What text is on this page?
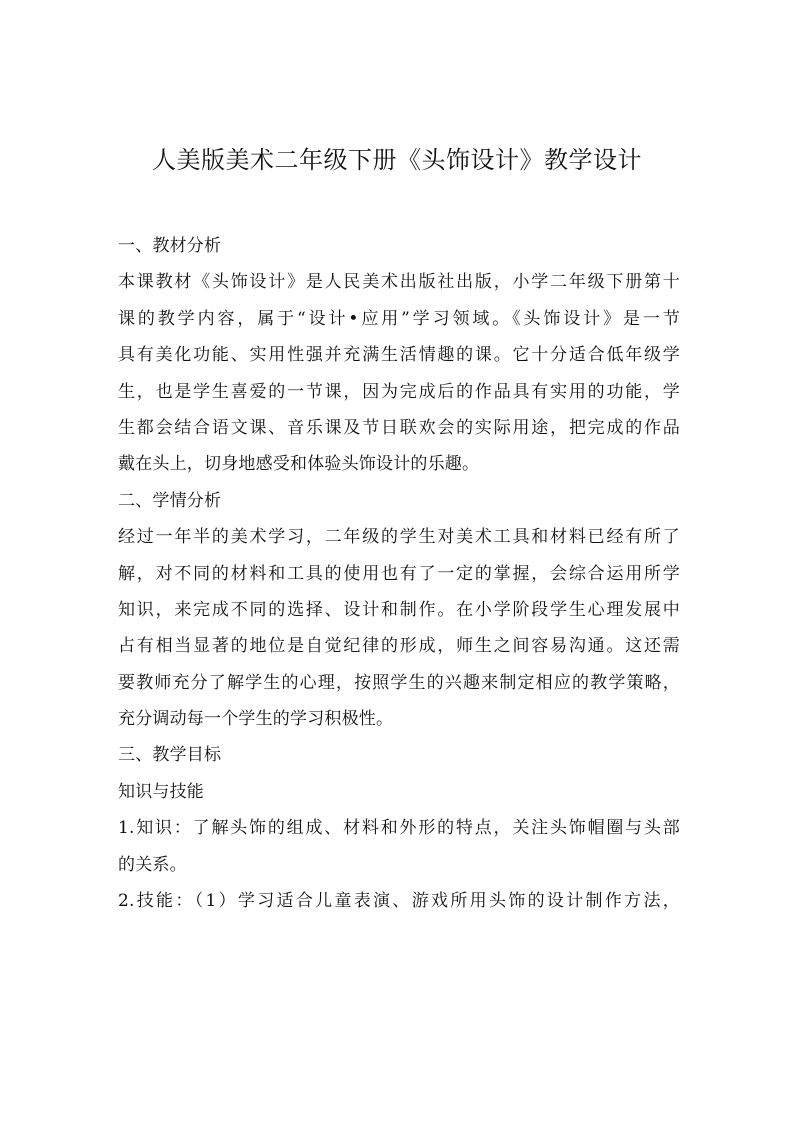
人美版美术二年级下册《头饰设计》教学设计
一、教材分析
本课教材《头饰设计》是人民美术出版社出版，小学二年级下册第十
课的教学内容，属于“设计•应用”学习领域。《头饰设计》是一节
具有美化功能、实用性强并充满生活情趣的课。它十分适合低年级学
生，也是学生喜爱的一节课，因为完成后的作品具有实用的功能，学
生都会结合语文课、音乐课及节日联欢会的实际用途，把完成的作品
戴在头上，切身地感受和体验头饰设计的乐趣。
二、学情分析
经过一年半的美术学习，二年级的学生对美术工具和材料已经有所了
解，对不同的材料和工具的使用也有了一定的掌握，会综合运用所学
知识，来完成不同的选择、设计和制作。在小学阶段学生心理发展中
占有相当显著的地位是自觉纪律的形成，师生之间容易沟通。这还需
要教师充分了解学生的心理，按照学生的兴趣来制定相应的教学策略，
充分调动每一个学生的学习积极性。
三、教学目标
知识与技能
1.知识：了解头饰的组成、材料和外形的特点，关注头饰帽圈与头部
的关系。
2.技能：（1）学习适合儿童表演、游戏所用头饰的设计制作方法，
